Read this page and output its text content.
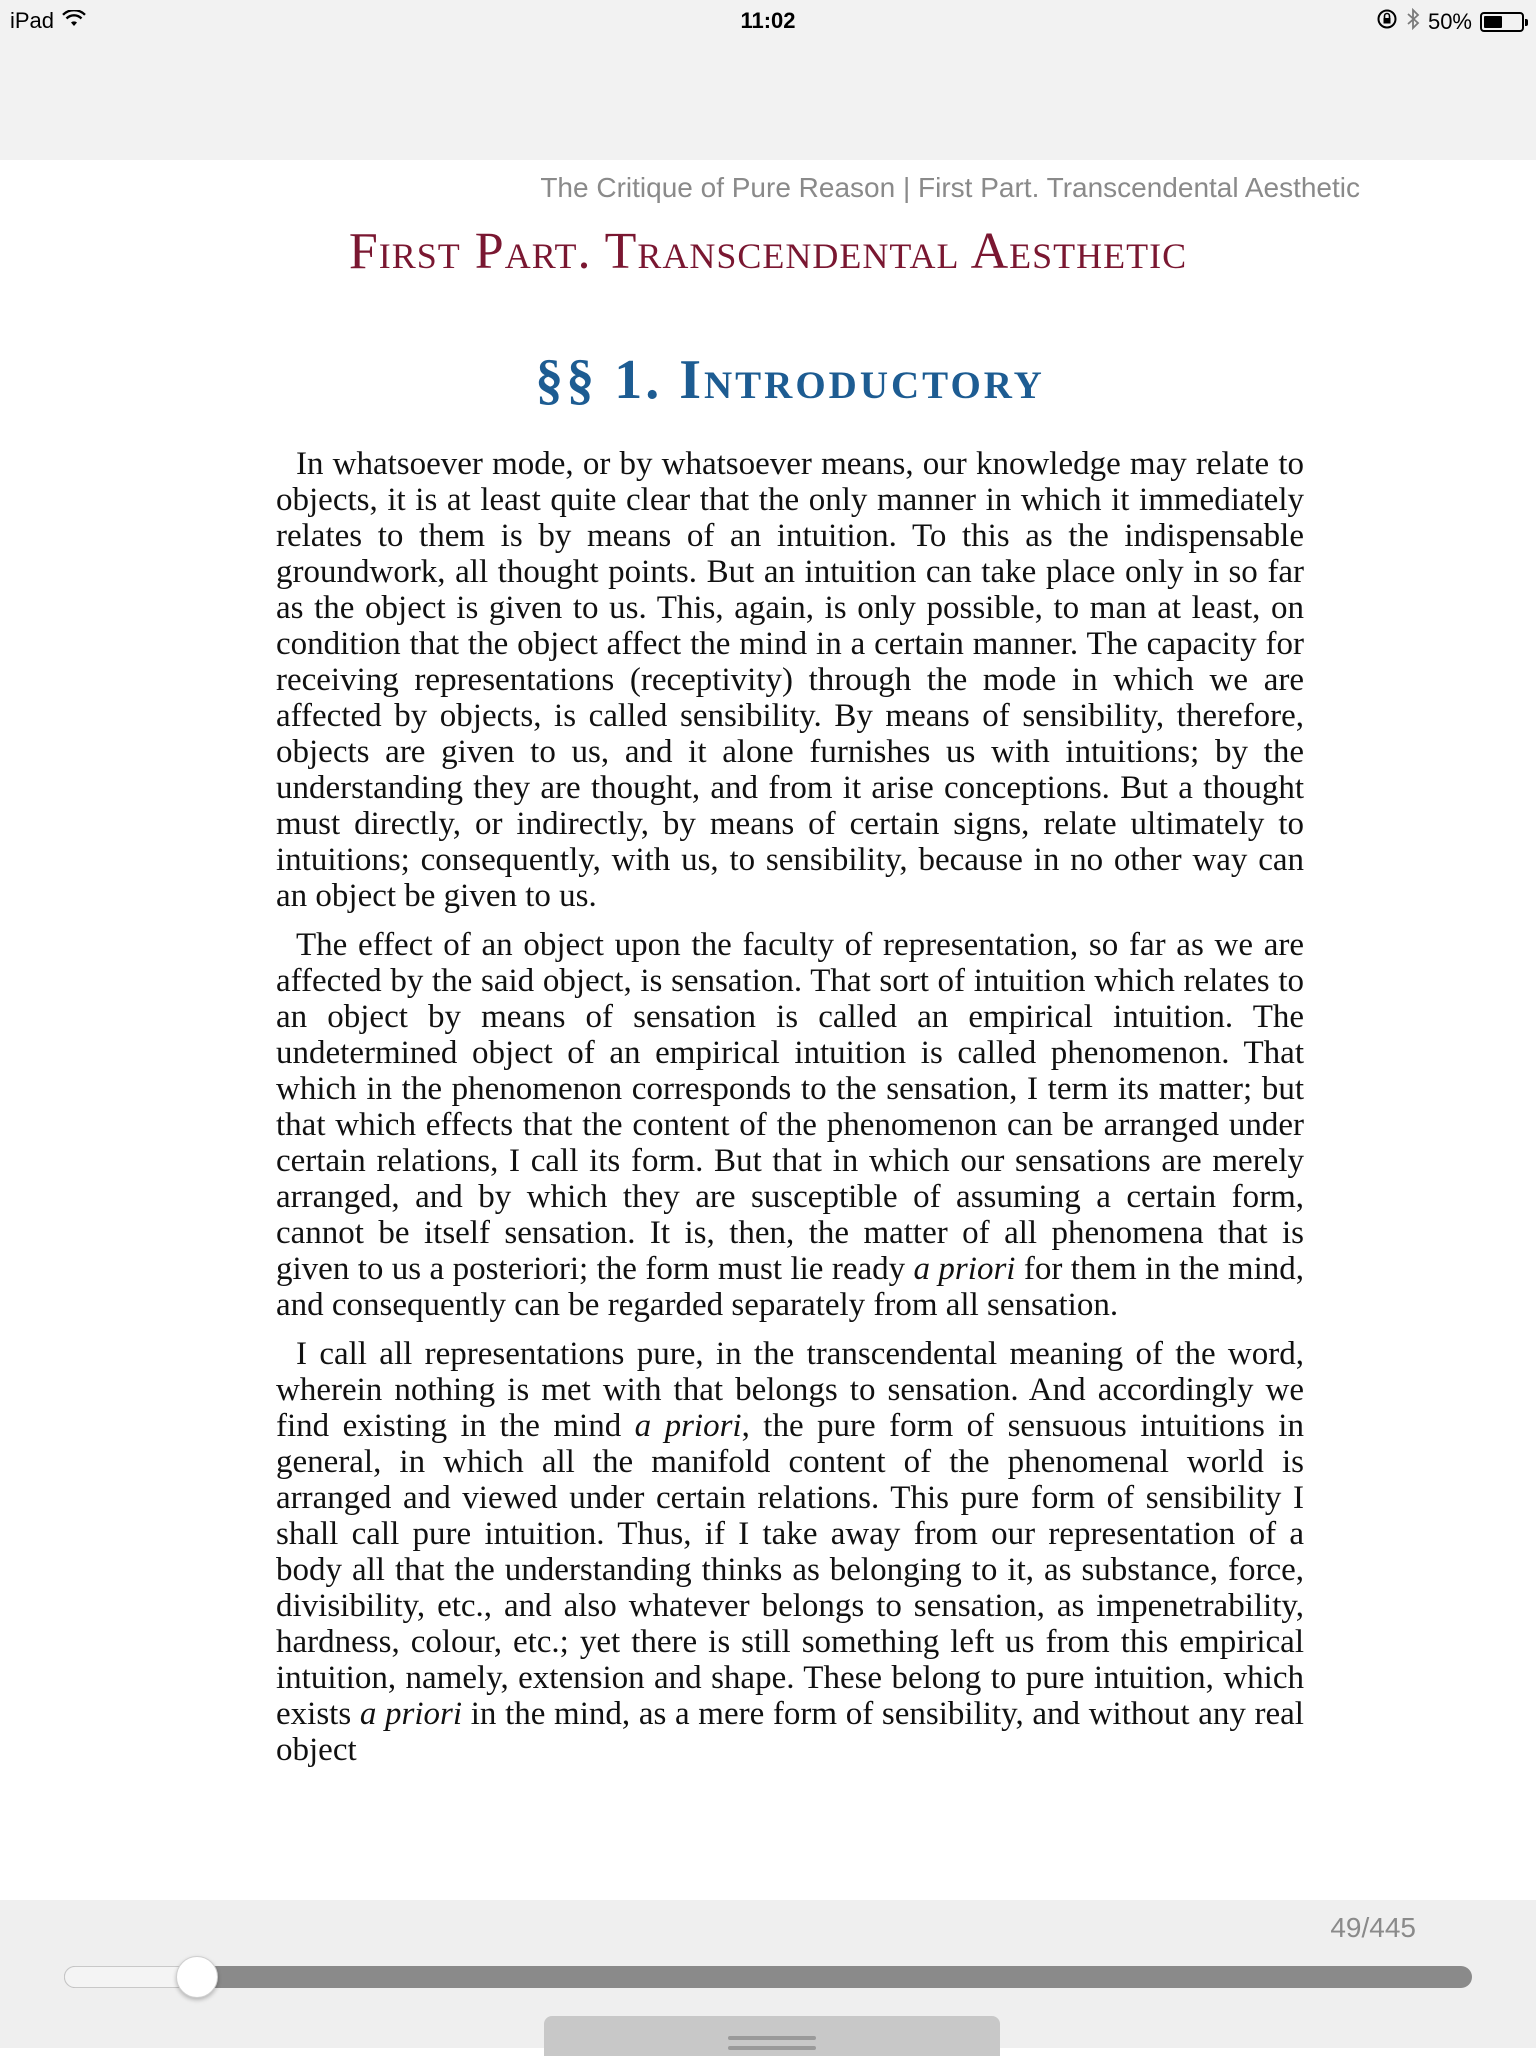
iPad	11:02	50%
The Critique of Pure Reason | First Part. Transcendental Aesthetic
First Part. Transcendental Aesthetic
§§ 1. Introductory

In whatsoever mode, or by whatsoever means, our knowledge may relate to objects, it is at least quite clear that the only manner in which it immediately relates to them is by means of an intuition. To this as the indispensable groundwork, all thought points. But an intuition can take place only in so far as the object is given to us. This, again, is only possible, to man at least, on condition that the object affect the mind in a certain manner. The capacity for receiving representations (receptivity) through the mode in which we are affected by objects, is called sensibility. By means of sensibility, therefore, objects are given to us, and it alone furnishes us with intuitions; by the understanding they are thought, and from it arise conceptions. But a thought must directly, or indirectly, by means of certain signs, relate ultimately to intuitions; consequently, with us, to sensibility, because in no other way can an object be given to us.

The effect of an object upon the faculty of representation, so far as we are affected by the said object, is sensation. That sort of intuition which relates to an object by means of sensation is called an empirical intuition. The undetermined object of an empirical intuition is called phenomenon. That which in the phenomenon corresponds to the sensation, I term its matter; but that which effects that the content of the phenomenon can be arranged under certain relations, I call its form. But that in which our sensations are merely arranged, and by which they are susceptible of assuming a certain form, cannot be itself sensation. It is, then, the matter of all phenomena that is given to us a posteriori; the form must lie ready a priori for them in the mind, and consequently can be regarded separately from all sensation.

I call all representations pure, in the transcendental meaning of the word, wherein nothing is met with that belongs to sensation. And accordingly we find existing in the mind a priori, the pure form of sensuous intuitions in general, in which all the manifold content of the phenomenal world is arranged and viewed under certain relations. This pure form of sensibility I shall call pure intuition. Thus, if I take away from our representation of a body all that the understanding thinks as belonging to it, as substance, force, divisibility, etc., and also whatever belongs to sensation, as impenetrability, hardness, colour, etc.; yet there is still something left us from this empirical intuition, namely, extension and shape. These belong to pure intuition, which exists a priori in the mind, as a mere form of sensibility, and without any real object

49/445
